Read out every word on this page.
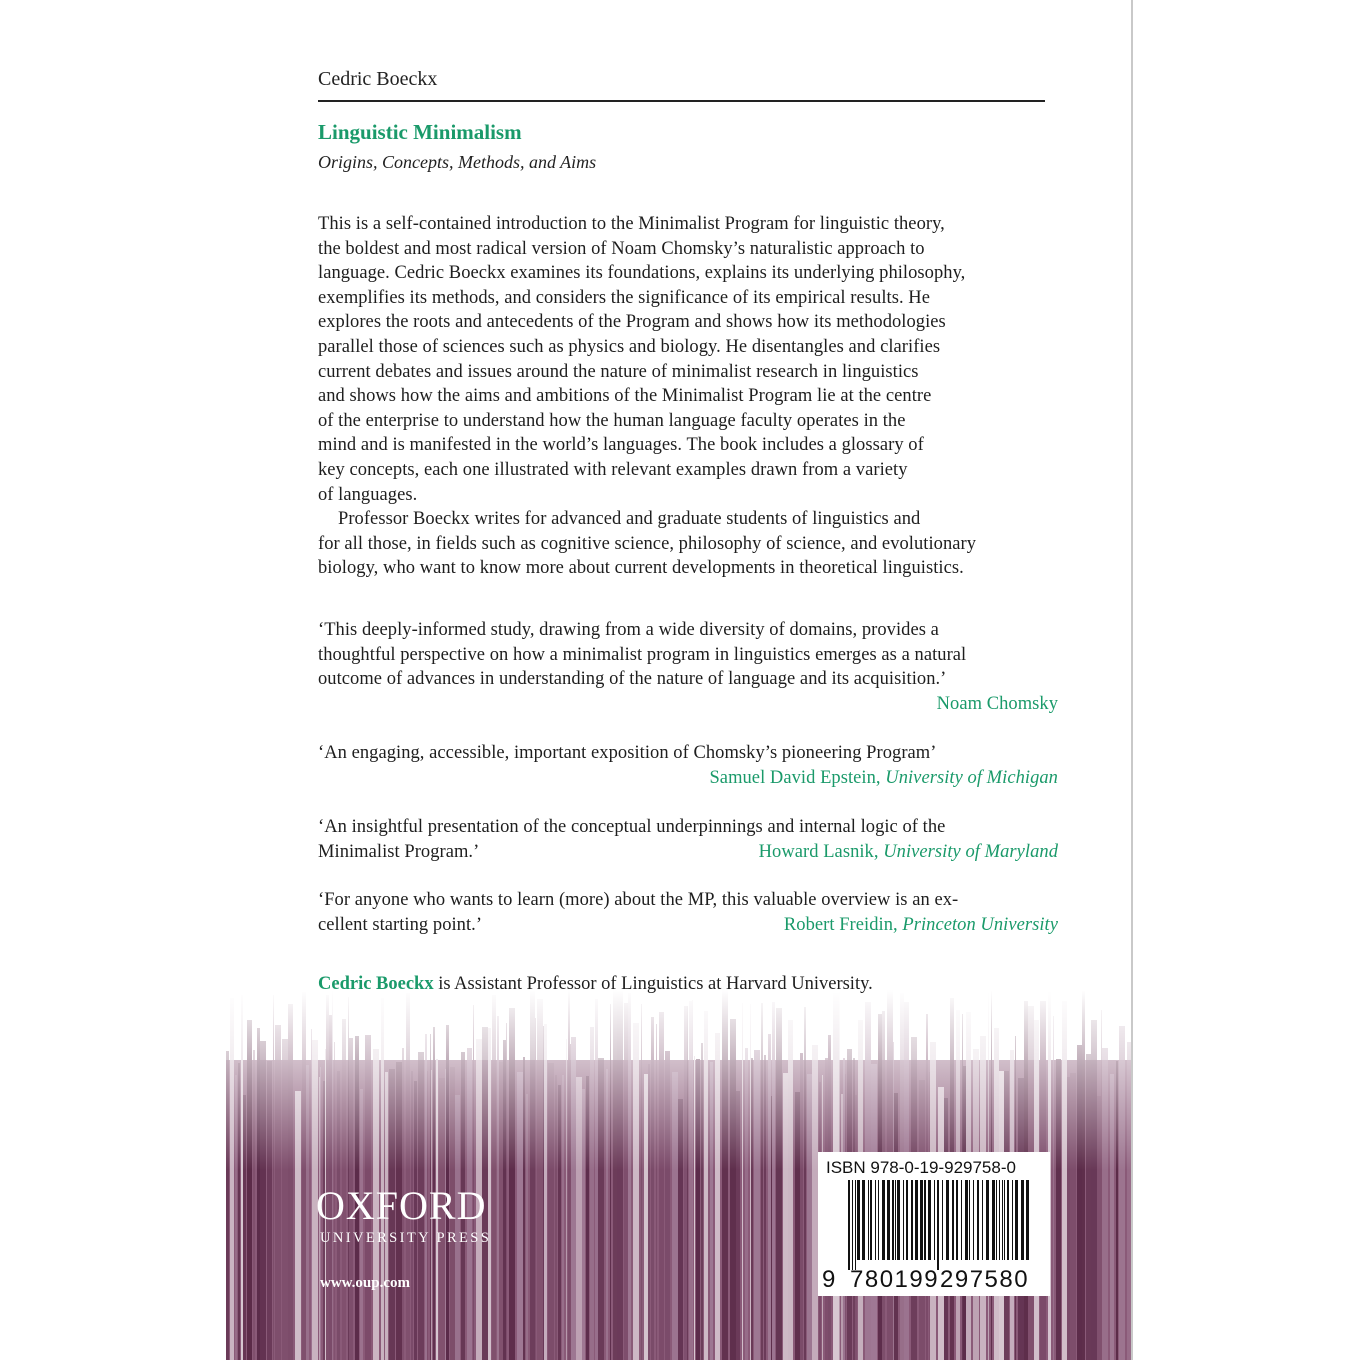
Cedric Boeckx
Linguistic Minimalism
Origins, Concepts, Methods, and Aims
This is a self-contained introduction to the Minimalist Program for linguistic theory,
the boldest and most radical version of Noam Chomsky’s naturalistic approach to
language. Cedric Boeckx examines its foundations, explains its underlying philosophy,
exemplifies its methods, and considers the significance of its empirical results. He
explores the roots and antecedents of the Program and shows how its methodologies
parallel those of sciences such as physics and biology. He disentangles and clarifies
current debates and issues around the nature of minimalist research in linguistics
and shows how the aims and ambitions of the Minimalist Program lie at the centre
of the enterprise to understand how the human language faculty operates in the
mind and is manifested in the world’s languages. The book includes a glossary of
key concepts, each one illustrated with relevant examples drawn from a variety
of languages.
Professor Boeckx writes for advanced and graduate students of linguistics and
for all those, in fields such as cognitive science, philosophy of science, and evolutionary
biology, who want to know more about current developments in theoretical linguistics.
‘This deeply-informed study, drawing from a wide diversity of domains, provides a
thoughtful perspective on how a minimalist program in linguistics emerges as a natural
outcome of advances in understanding of the nature of language and its acquisition.’
Noam Chomsky
‘An engaging, accessible, important exposition of Chomsky’s pioneering Program’
Samuel David Epstein, University of Michigan
‘An insightful presentation of the conceptual underpinnings and internal logic of the
Minimalist Program.’	Howard Lasnik, University of Maryland
‘For anyone who wants to learn (more) about the MP, this valuable overview is an ex-
cellent starting point.’	Robert Freidin, Princeton University
Cedric Boeckx is Assistant Professor of Linguistics at Harvard University.
OXFORD
UNIVERSITY PRESS
www.oup.com
ISBN 978-0-19-929758-0
9 780199 297580
